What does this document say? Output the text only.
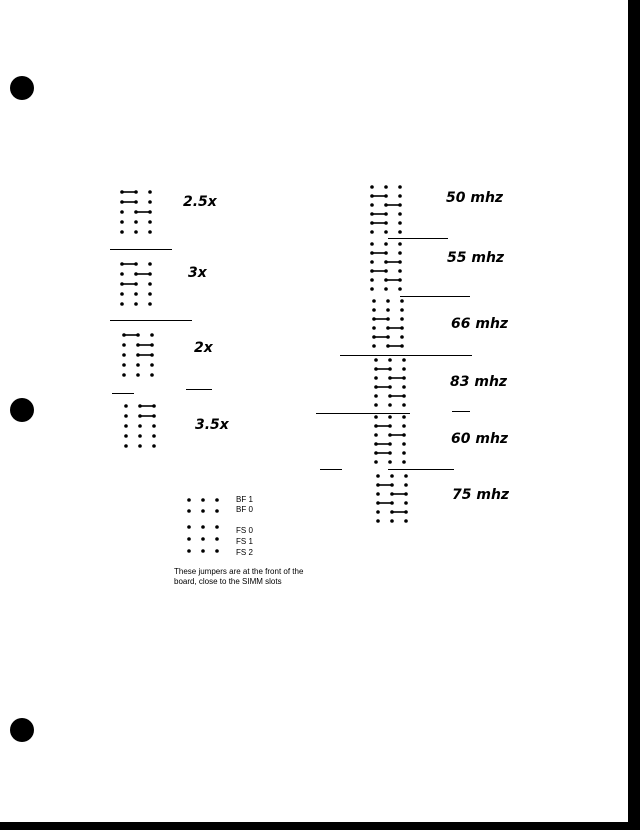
2.5x
3x
2x
3.5x
50 mhz
55 mhz
66 mhz
83 mhz
60 mhz
75 mhz
BF 1
BF 0
FS 0
FS 1
FS 2
These jumpers are at the front of the board, close to the SIMM slots
